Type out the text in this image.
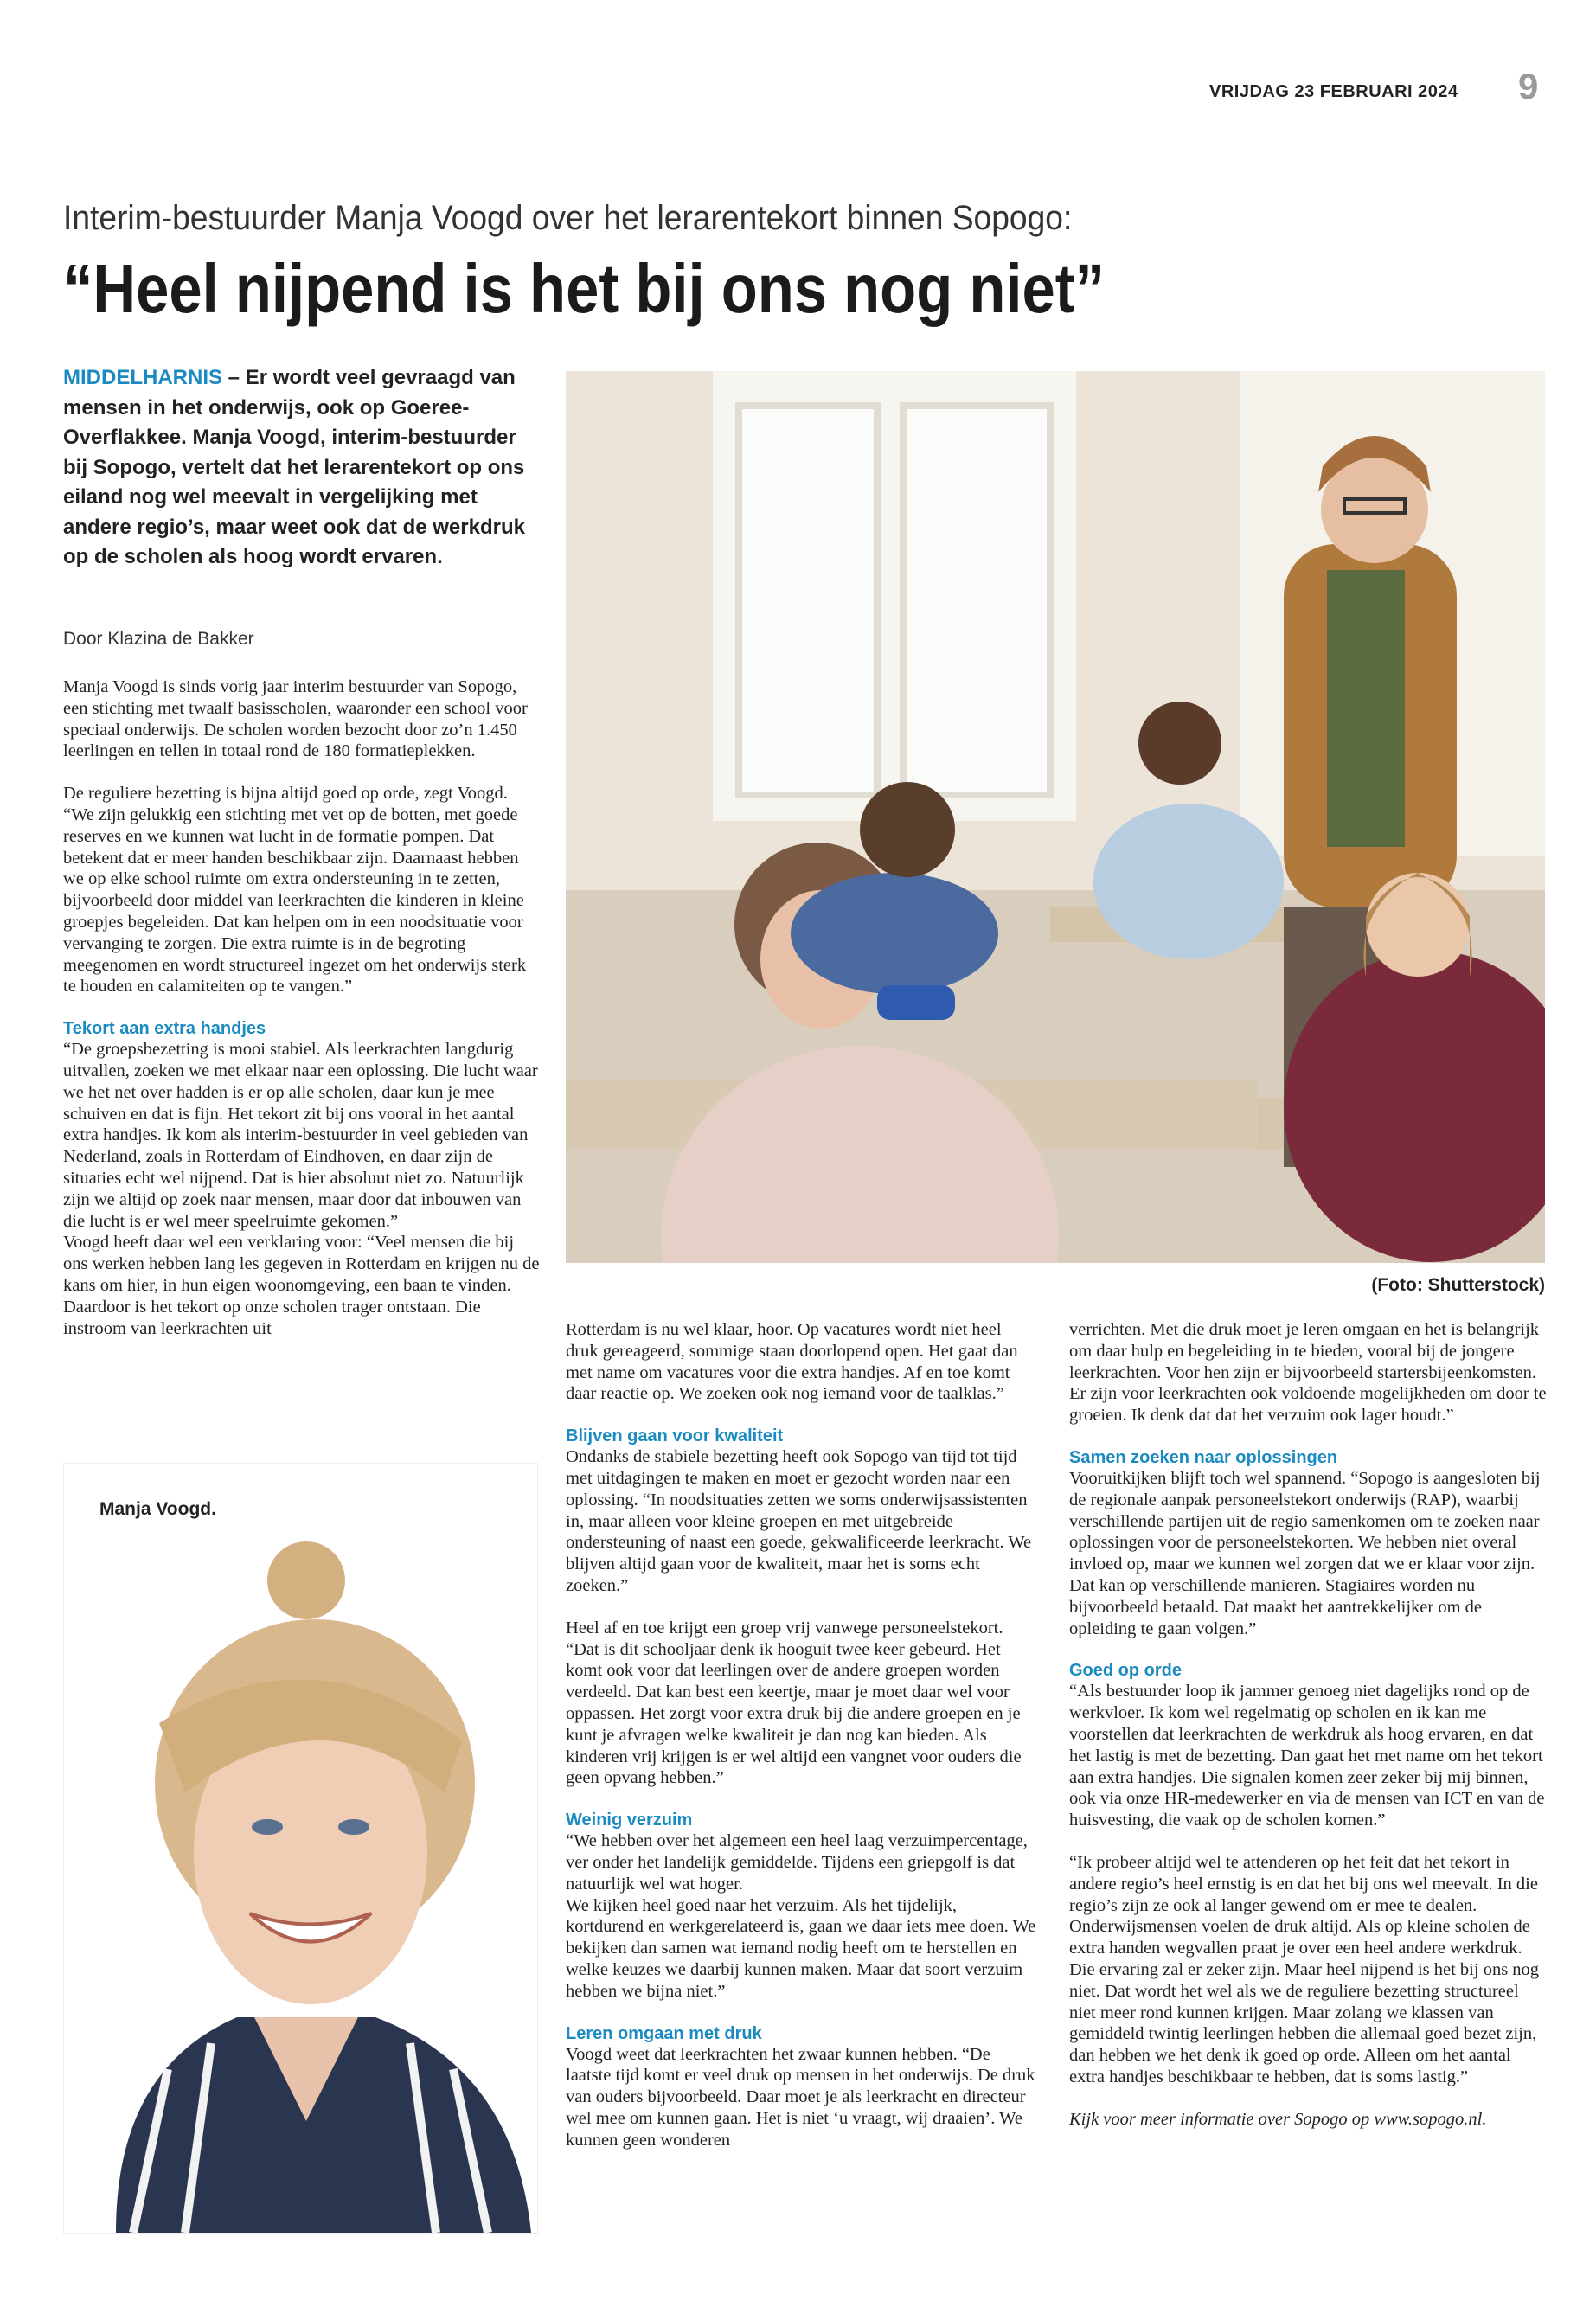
VRIJDAG 23 FEBRUARI 2024 9
Interim-bestuurder Manja Voogd over het lerarentekort binnen Sopogo:
“Heel nijpend is het bij ons nog niet”
MIDDELHARNIS – Er wordt veel gevraagd van mensen in het onderwijs, ook op Goeree-Overflakkee. Manja Voogd, interim-bestuurder bij Sopogo, vertelt dat het lerarentekort op ons eiland nog wel meevalt in vergelijking met andere regio’s, maar weet ook dat de werkdruk op de scholen als hoog wordt ervaren.
Door Klazina de Bakker

Manja Voogd is sinds vorig jaar interim bestuurder van Sopogo, een stichting met twaalf basisscholen, waaronder een school voor speciaal onderwijs. De scholen worden bezocht door zo’n 1.450 leerlingen en tellen in totaal rond de 180 formatieplekken.

De reguliere bezetting is bijna altijd goed op orde, zegt Voogd. “We zijn gelukkig een stichting met vet op de botten, met goede reserves en we kunnen wat lucht in de formatie pompen. Dat betekent dat er meer handen beschikbaar zijn. Daarnaast hebben we op elke school ruimte om extra ondersteuning in te zetten, bijvoorbeeld door middel van leerkrachten die kinderen in kleine groepjes begeleiden. Dat kan helpen om in een noodsituatie voor vervanging te zorgen. Die extra ruimte is in de begroting meegenomen en wordt structureel ingezet om het onderwijs sterk te houden en calamiteiten op te vangen.”

Tekort aan extra handjes

“De groepsbezetting is mooi stabiel. Als leerkrachten langdurig uitvallen, zoeken we met elkaar naar een oplossing. Die lucht waar we het net over hadden is er op alle scholen, daar kun je mee schuiven en dat is fijn. Het tekort zit bij ons vooral in het aantal extra handjes. Ik kom als interim-bestuurder in veel gebieden van Nederland, zoals in Rotterdam of Eindhoven, en daar zijn de situaties echt wel nijpend. Dat is hier absoluut niet zo. Natuurlijk zijn we altijd op zoek naar mensen, maar door dat inbouwen van die lucht is er wel meer speelruimte gekomen.”

Voogd heeft daar wel een verklaring voor: “Veel mensen die bij ons werken hebben lang les gegeven in Rotterdam en krijgen nu de kans om hier, in hun eigen woonomgeving, een baan te vinden. Daardoor is het tekort op onze scholen trager ontstaan. Die instroom van leerkrachten uit

(Foto: Shutterstock)

Rotterdam is nu wel klaar, hoor. Op vacatures wordt niet heel druk gereageerd, sommige staan doorlopend open. Het gaat dan met name om vacatures voor die extra handjes. Af en toe komt daar reactie op. We zoeken ook nog iemand voor de taalklas.”

Blijven gaan voor kwaliteit

Ondanks de stabiele bezetting heeft ook Sopogo van tijd tot tijd met uitdagingen te maken en moet er gezocht worden naar een oplossing. “In noodsituaties zetten we soms onderwijsassistenten in, maar alleen voor kleine groepen en met uitgebreide ondersteuning of naast een goede, gekwalificeerde leerkracht. We blijven altijd gaan voor de kwaliteit, maar het is soms echt zoeken.”

Heel af en toe krijgt een groep vrij vanwege personeelstekort. “Dat is dit schooljaar denk ik hooguit twee keer gebeurd. Het komt ook voor dat leerlingen over de andere groepen worden verdeeld. Dat kan best een keertje, maar je moet daar wel voor oppassen. Het zorgt voor extra druk bij die andere groepen en je kunt je afvragen welke kwaliteit je dan nog kan bieden. Als kinderen vrij krijgen is er wel altijd een vangnet voor ouders die geen opvang hebben.”

Weinig verzuim

“We hebben over het algemeen een heel laag verzuimpercentage, ver onder het landelijk gemiddelde. Tijdens een griepgolf is dat natuurlijk wel wat hoger.

We kijken heel goed naar het verzuim. Als het tijdelijk, kortdurend en werkgerelateerd is, gaan we daar iets mee doen. We bekijken dan samen wat iemand nodig heeft om te herstellen en welke keuzes we daarbij kunnen maken. Maar dat soort verzuim hebben we bijna niet.”

Leren omgaan met druk

Voogd weet dat leerkrachten het zwaar kunnen hebben. “De laatste tijd komt er veel druk op mensen in het onderwijs. De druk van ouders bijvoorbeeld. Daar moet je als leerkracht en directeur wel mee om kunnen gaan. Het is niet ‘u vraagt, wij draaien’. We kunnen geen wonderen

verrichten. Met die druk moet je leren omgaan en het is belangrijk om daar hulp en begeleiding in te bieden, vooral bij de jongere leerkrachten. Voor hen zijn er bijvoorbeeld startersbijeenkomsten. Er zijn voor leerkrachten ook voldoende mogelijkheden om door te groeien. Ik denk dat dat het verzuim ook lager houdt.”

Samen zoeken naar oplossingen

Vooruitkijken blijft toch wel spannend. “Sopogo is aangesloten bij de regionale aanpak personeelstekort onderwijs (RAP), waarbij verschillende partijen uit de regio samenkomen om te zoeken naar oplossingen voor de personeelstekorten. We hebben niet overal invloed op, maar we kunnen wel zorgen dat we er klaar voor zijn. Dat kan op verschillende manieren. Stagiaires worden nu bijvoorbeeld betaald. Dat maakt het aantrekkelijker om de opleiding te gaan volgen.”

Goed op orde

“Als bestuurder loop ik jammer genoeg niet dagelijks rond op de werkvloer. Ik kom wel regelmatig op scholen en ik kan me voorstellen dat leerkrachten de werkdruk als hoog ervaren, en dat het lastig is met de bezetting. Dan gaat het met name om het tekort aan extra handjes. Die signalen komen zeer zeker bij mij binnen, ook via onze HR-medewerker en via de mensen van ICT en van de huisvesting, die vaak op de scholen komen.”

“Ik probeer altijd wel te attenderen op het feit dat het tekort in andere regio’s heel ernstig is en dat het bij ons wel meevalt. In die regio’s zijn ze ook al langer gewend om er mee te dealen. Onderwijsmensen voelen de druk altijd. Als op kleine scholen de extra handen wegvallen praat je over een heel andere werkdruk. Die ervaring zal er zeker zijn. Maar heel nijpend is het bij ons nog niet. Dat wordt het wel als we de reguliere bezetting structureel niet meer rond kunnen krijgen. Maar zolang we klassen van gemiddeld twintig leerlingen hebben die allemaal goed bezet zijn, dan hebben we het denk ik goed op orde. Alleen om het aantal extra handjes beschikbaar te hebben, dat is soms lastig.”

Kijk voor meer informatie over Sopogo op www.sopogo.nl.

Manja Voogd.
